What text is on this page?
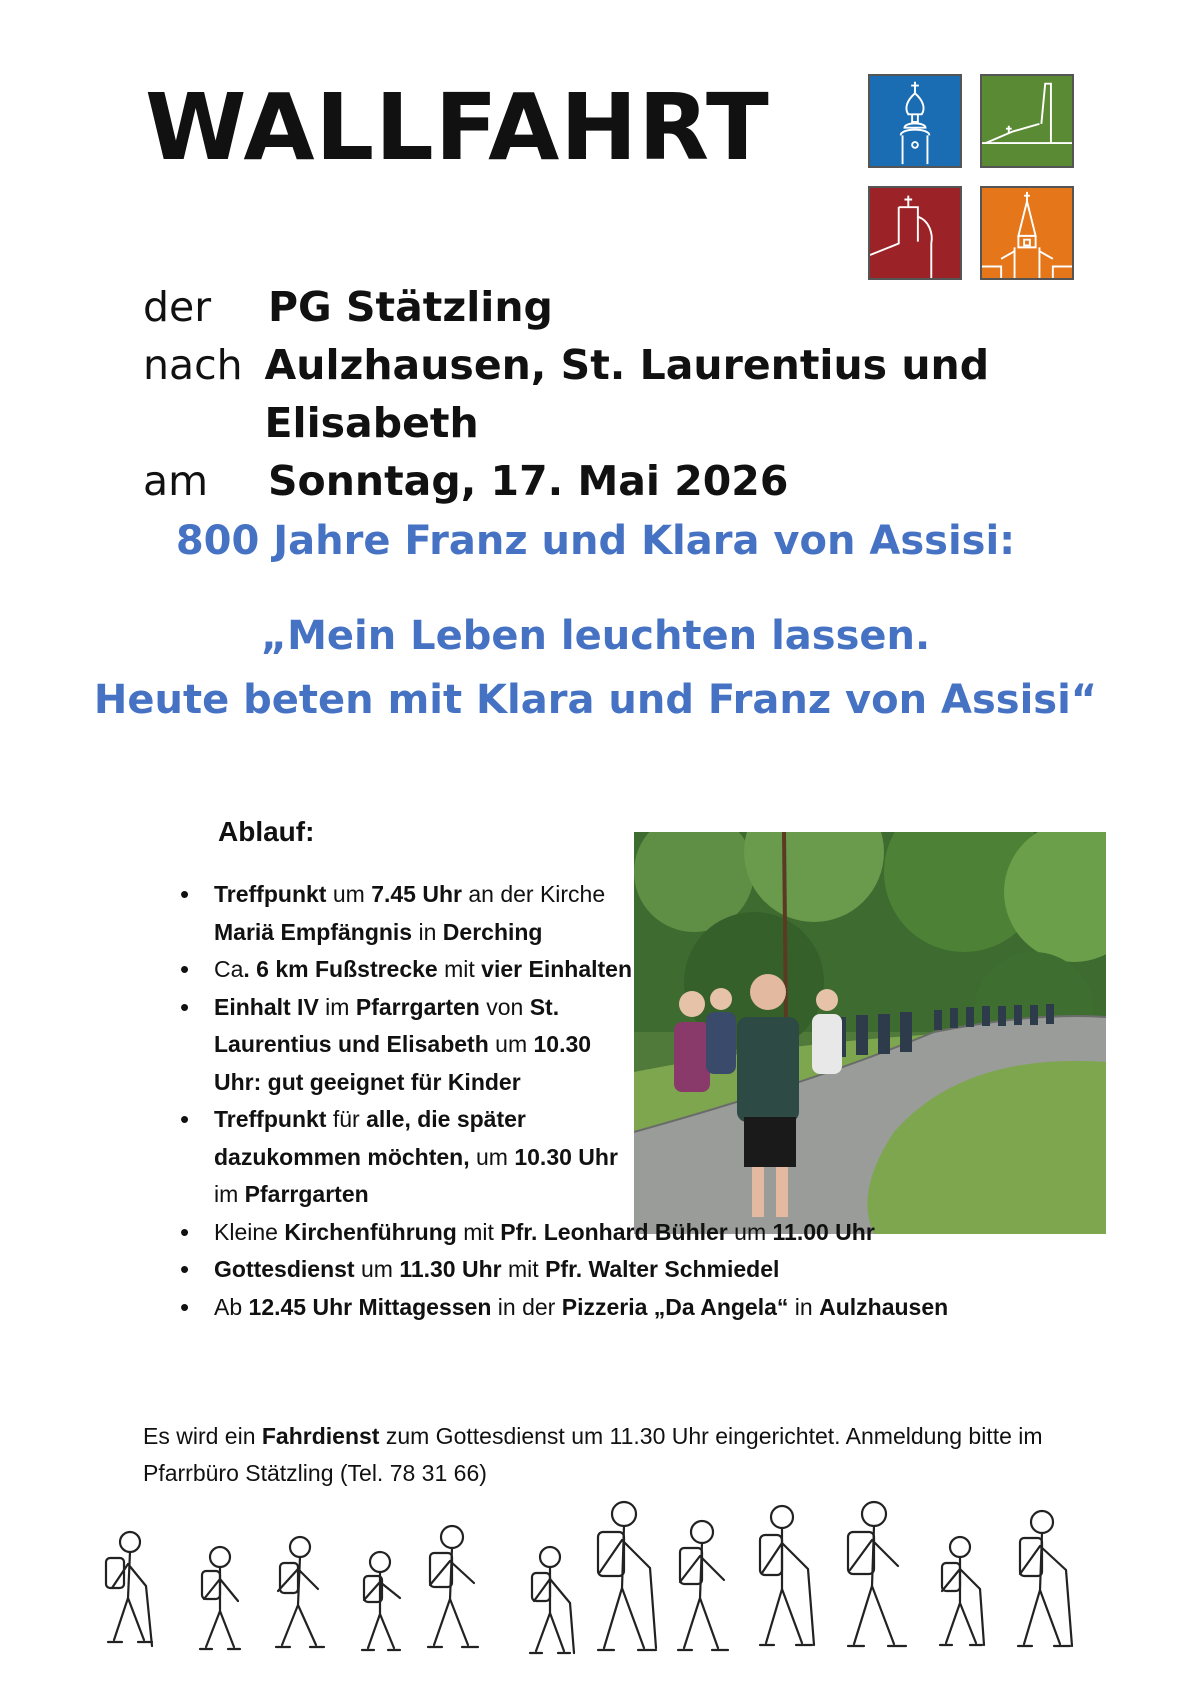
WALLFAHRT
der	PG Stätzling
nach Aulzhausen, St. Laurentius und Elisabeth
am	Sonntag, 17. Mai 2026
800 Jahre Franz und Klara von Assisi:
„Mein Leben leuchten lassen.
Heute beten mit Klara und Franz von Assisi“
Ablauf:
• Treffpunkt um 7.45 Uhr an der Kirche Mariä Empfängnis in Derching
• Ca. 6 km Fußstrecke mit vier Einhalten
• Einhalt IV im Pfarrgarten von St. Laurentius und Elisabeth um 10.30 Uhr: gut geeignet für Kinder
• Treffpunkt für alle, die später dazukommen möchten, um 10.30 Uhr im Pfarrgarten
• Kleine Kirchenführung mit Pfr. Leonhard Bühler um 11.00 Uhr
• Gottesdienst um 11.30 Uhr mit Pfr. Walter Schmiedel
• Ab 12.45 Uhr Mittagessen in der Pizzeria „Da Angela“ in Aulzhausen

Es wird ein Fahrdienst zum Gottesdienst um 11.30 Uhr eingerichtet. Anmeldung bitte im Pfarrbüro Stätzling (Tel. 78 31 66)
